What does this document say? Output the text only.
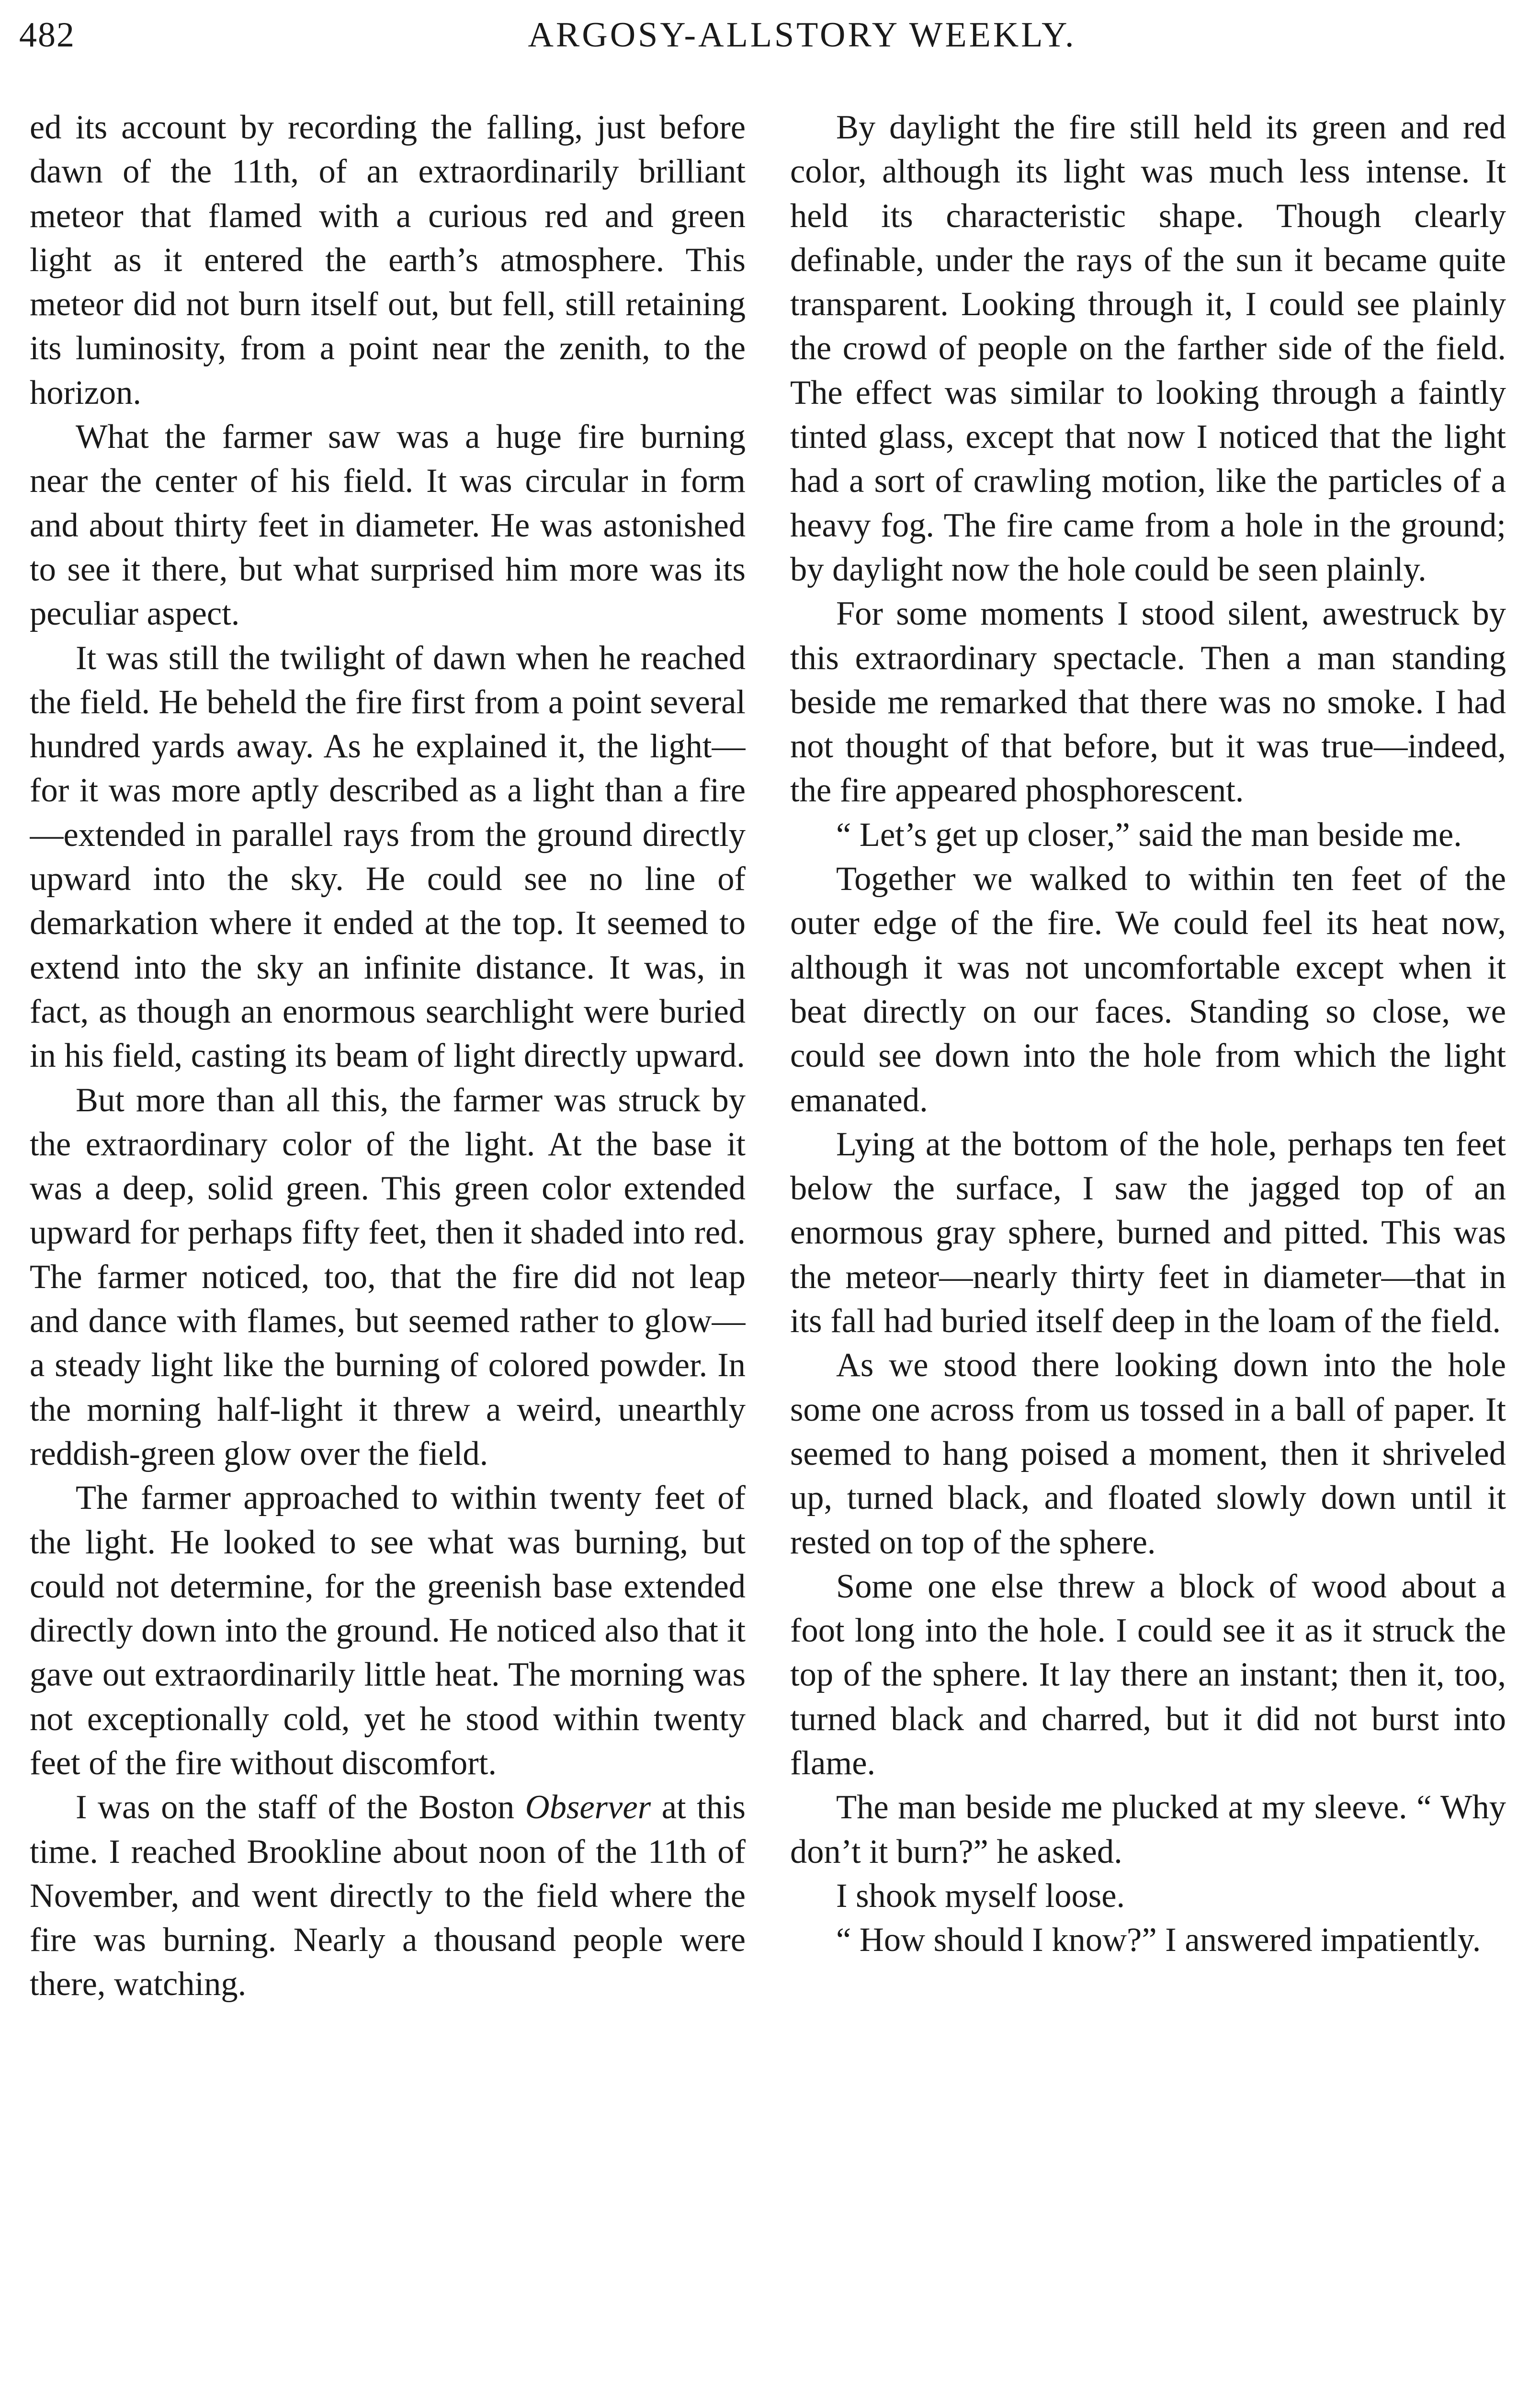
482	ARGOSY-ALLSTORY WEEKLY.

ed its account by recording the falling, just before dawn of the 11th, of an extraordinarily brilliant meteor that flamed with a curious red and green light as it entered the earth’s atmosphere. This meteor did not burn itself out, but fell, still retaining its luminosity, from a point near the zenith, to the horizon.

What the farmer saw was a huge fire burning near the center of his field. It was circular in form and about thirty feet in diameter. He was astonished to see it there, but what surprised him more was its peculiar aspect.

It was still the twilight of dawn when he reached the field. He beheld the fire first from a point several hundred yards away. As he explained it, the light—for it was more aptly described as a light than a fire—extended in parallel rays from the ground directly upward into the sky. He could see no line of demarkation where it ended at the top. It seemed to extend into the sky an infinite distance. It was, in fact, as though an enormous searchlight were buried in his field, casting its beam of light directly upward.

But more than all this, the farmer was struck by the extraordinary color of the light. At the base it was a deep, solid green. This green color extended upward for perhaps fifty feet, then it shaded into red. The farmer noticed, too, that the fire did not leap and dance with flames, but seemed rather to glow—a steady light like the burning of colored powder. In the morning half-light it threw a weird, unearthly reddish-green glow over the field.

The farmer approached to within twenty feet of the light. He looked to see what was burning, but could not determine, for the greenish base extended directly down into the ground. He noticed also that it gave out extraordinarily little heat. The morning was not exceptionally cold, yet he stood within twenty feet of the fire without discomfort.

I was on the staff of the Boston Observer at this time. I reached Brookline about noon of the 11th of November, and went directly to the field where the fire was burning. Nearly a thousand people were there, watching.

By daylight the fire still held its green and red color, although its light was much less intense. It held its characteristic shape. Though clearly definable, under the rays of the sun it became quite transparent. Looking through it, I could see plainly the crowd of people on the farther side of the field. The effect was similar to looking through a faintly tinted glass, except that now I noticed that the light had a sort of crawling motion, like the particles of a heavy fog. The fire came from a hole in the ground; by daylight now the hole could be seen plainly.

For some moments I stood silent, awestruck by this extraordinary spectacle. Then a man standing beside me remarked that there was no smoke. I had not thought of that before, but it was true—indeed, the fire appeared phosphorescent.

“ Let’s get up closer,” said the man beside me.

Together we walked to within ten feet of the outer edge of the fire. We could feel its heat now, although it was not uncomfortable except when it beat directly on our faces. Standing so close, we could see down into the hole from which the light emanated.

Lying at the bottom of the hole, perhaps ten feet below the surface, I saw the jagged top of an enormous gray sphere, burned and pitted. This was the meteor—nearly thirty feet in diameter—that in its fall had buried itself deep in the loam of the field.

As we stood there looking down into the hole some one across from us tossed in a ball of paper. It seemed to hang poised a moment, then it shriveled up, turned black, and floated slowly down until it rested on top of the sphere.

Some one else threw a block of wood about a foot long into the hole. I could see it as it struck the top of the sphere. It lay there an instant; then it, too, turned black and charred, but it did not burst into flame.

The man beside me plucked at my sleeve. “ Why don’t it burn?” he asked.

I shook myself loose.

“ How should I know?” I answered impatiently.
